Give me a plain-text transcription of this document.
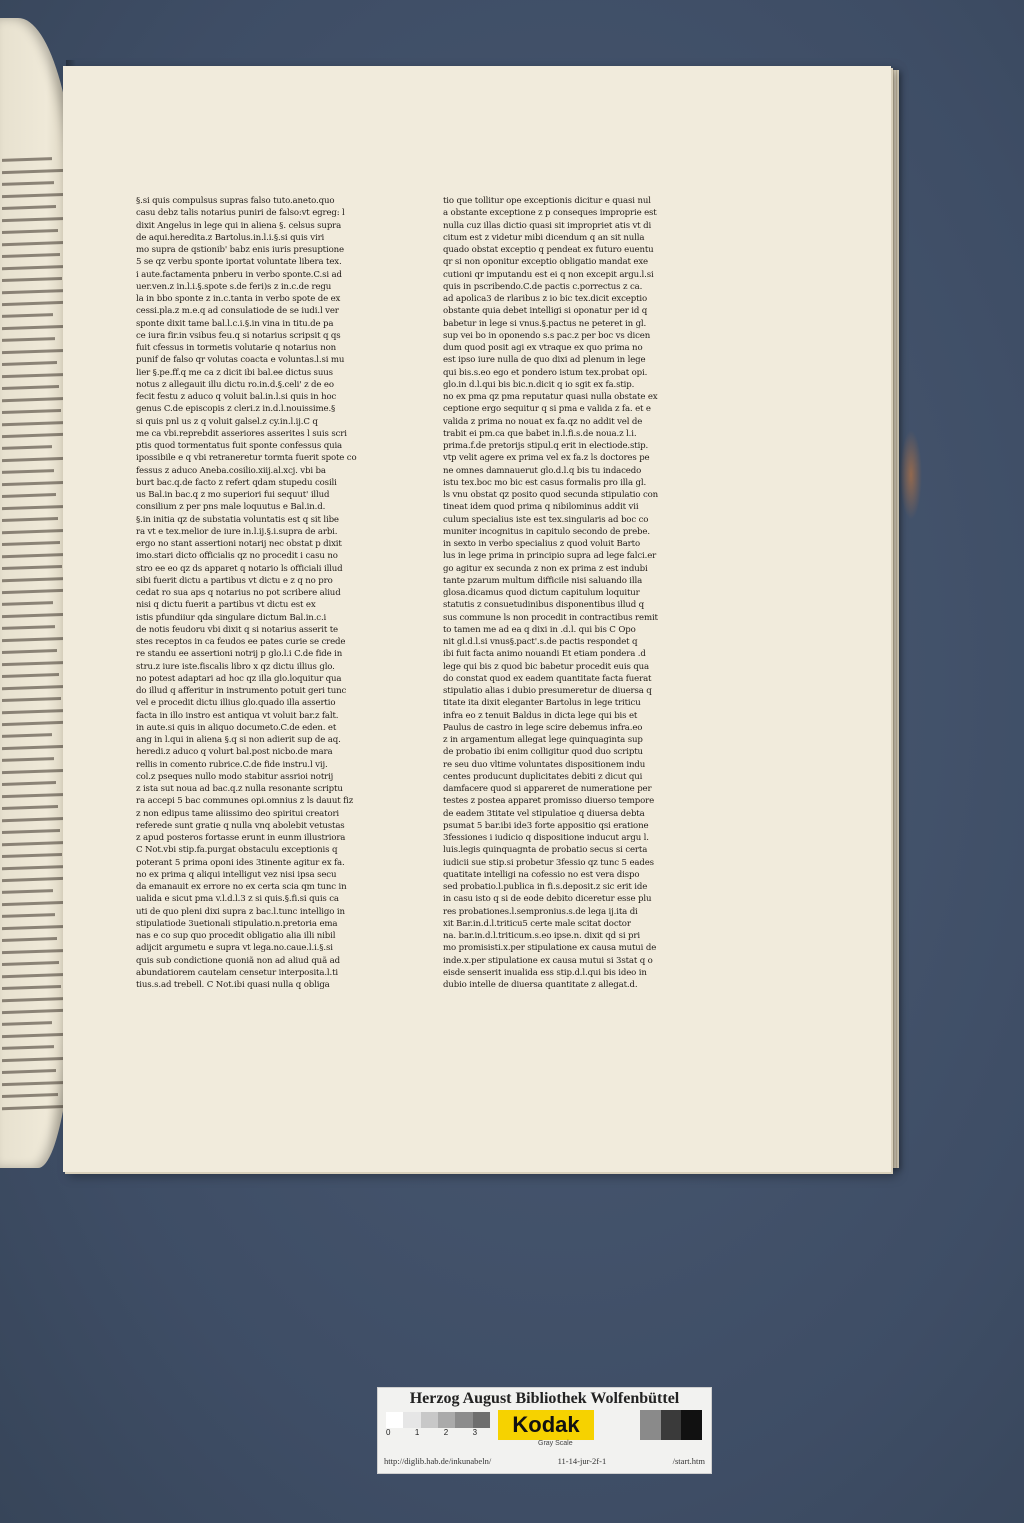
§.si quis compulsus supras falso tuto.aneto.quo
casu debz talis notarius puniri de falso:vt egreg: l
dixit Angelus in lege qui in aliena §. celsus supra
de aqui.heredita.z Bartolus.in.l.i.§.si quis viri
mo supra de qstionib' babz enis iuris presuptione
5 se qz verbu sponte iportat voluntate libera tex.
i aute.factamenta pnberu in verbo sponte.C.si ad
uer.ven.z in.l.i.§.spote s.de feri)s z in.c.de regu
la in bbo sponte z in.c.tanta in verbo spote de ex
cessi.pla.z m.e.q ad consulatiode de se iudi.l ver
sponte dixit tame bal.l.c.i.§.in vina in titu.de pa
ce iura fir.in vsibus feu.q si notarius scripsit q qs
fuit cfessus in tormetis volutarie q notarius non
punif de falso qr volutas coacta e voluntas.l.si mu
lier §.pe.ff.q me ca z dicit ibi bal.ee dictus suus
notus z allegauit illu dictu ro.in.d.§.celi' z de eo
fecit festu z aduco q voluit bal.in.l.si quis in hoc
genus C.de episcopis z cleri.z in.d.l.nouissime.§
si quis pnl us z q voluit galsel.z cy.in.l.ij.C q
me ca vbi.reprebdit asseriores asserites l suis scri
ptis quod tormentatus fuit sponte confessus quia
ipossibile e q vbi retraneretur tormta fuerit spote co
fessus z aduco Aneba.cosilio.xiij.al.xcj. vbi ba
burt bac.q.de facto z refert qdam stupedu cosili
us Bal.in bac.q z mo superiori fui sequut' illud
consilium z per pns male loquutus e Bal.in.d.
§.in initia qz de substatia voluntatis est q sit libe
ra vt e tex.melior de iure in.l.ij.§.i.supra de arbi.
ergo no stant assertioni notarij nec obstat p dixit
imo.stari dicto officialis qz no procedit i casu no
stro ee eo qz ds apparet q notario ls officiali illud
sibi fuerit dictu a partibus vt dictu e z q no pro
cedat ro sua aps q notarius no pot scribere aliud
nisi q dictu fuerit a partibus vt dictu est ex
istis pfundiiur qda singulare dictum Bal.in.c.i
de notis feudoru vbi dixit q si notarius asserit te
stes receptos in ca feudos ee pates curie se crede
re standu ee assertioni notrij p glo.l.i C.de fide in
stru.z iure iste.fiscalis libro x qz dictu illius glo.
no potest adaptari ad hoc qz illa glo.loquitur qua
do illud q afferitur in instrumento potuit geri tunc
vel e procedit dictu illius glo.quado illa assertio
facta in illo instro est antiqua vt voluit bar.z falt.
in aute.si quis in aliquo documeto.C.de eden. et
ang in l.qui in aliena §.q si non adierit sup de aq.
heredi.z aduco q volurt bal.post nicbo.de mara
rellis in comento rubrice.C.de fide instru.l vij.
col.z pseques nullo modo stabitur assrioi notrij
z ista sut noua ad bac.q.z nulla resonante scriptu
ra accepi 5 bac communes opi.omnius z ls dauut fiz
z non edipus tame aliissimo deo spiritui creatori
referede sunt gratie q nulla vnq abolebit vetustas
z apud posteros fortasse erunt in eunm illustriora
C Not.vbi stip.fa.purgat obstaculu exceptionis q
poterant 5 prima oponi ides 3tinente agitur ex fa.
no ex prima q aliqui intelligut vez nisi ipsa secu
da emanauit ex errore no ex certa scia qm tunc in
ualida e sicut pma v.l.d.l.3 z si quis.§.fi.si quis ca
uti de quo pleni dixi supra z bac.l.tunc intelligo in
stipulatiode 3uetionali stipulatio.n.pretoria ema
nas e co sup quo procedit obligatio alia illi nibil
adijcit argumetu e supra vt lega.no.caue.l.i.§.si
quis sub condictione quoniã non ad aliud quã ad
abundatiorem cautelam censetur interposita.l.ti
tius.s.ad trebell. C Not.ibi quasi nulla q obliga
tio que tollitur ope exceptionis dicitur e quasi nul
a obstante exceptione z p conseques improprie est
nulla cuz illas dictio quasi sit impropriet atis vt di
citum est z videtur mibi dicendum q an sit nulla
quado obstat exceptio q pendeat ex futuro euentu
qr si non oponitur exceptio obligatio mandat exe
cutioni qr imputandu est ei q non excepit argu.l.si
quis in pscribendo.C.de pactis c.porrectus z ca.
ad apolica3 de rlaribus z io bic tex.dicit exceptio
obstante quia debet intelligi si oponatur per id q
babetur in lege si vnus.§.pactus ne peteret in gl.
sup vei bo in oponendo s.s pac.z per boc vs dicen
dum quod posit agi ex vtraque ex quo prima no
est ipso iure nulla de quo dixi ad plenum in lege
qui bis.s.eo ego et pondero istum tex.probat opi.
glo.in d.l.qui bis bic.n.dicit q io sgit ex fa.stip.
no ex pma qz pma reputatur quasi nulla obstate ex
ceptione ergo sequitur q si pma e valida z fa. et e
valida z prima no nouat ex fa.qz no addit vel de
trabit ei pm.ca que babet in.l.fi.s.de noua.z l.i.
prima.f.de pretorijs stipul.q erit in electiode.stip.
vtp velit agere ex prima vel ex fa.z ls doctores pe
ne omnes damnauerut glo.d.l.q bis tu indacedo
istu tex.boc mo bic est casus formalis pro illa gl.
ls vnu obstat qz posito quod secunda stipulatio con
tineat idem quod prima q nibilominus addit vii
culum specialius iste est tex.singularis ad boc co
muniter incognitus in capitulo secondo de prebe.
in sexto in verbo specialius z quod voluit Barto
lus in lege prima in principio supra ad lege falci.er
go agitur ex secunda z non ex prima z est indubi
tante pzarum multum difficile nisi saluando illa
glosa.dicamus quod dictum capitulum loquitur
statutis z consuetudinibus disponentibus illud q
sus commune ls non procedit in contractibus remit
to tamen me ad ea q dixi in .d.l. qui bis C Opo
nit gl.d.l.si vnus§.pact'.s.de pactis respondet q
ibi fuit facta animo nouandi Et etiam pondera .d
lege qui bis z quod bic babetur procedit euis qua
do constat quod ex eadem quantitate facta fuerat
stipulatio alias i dubio presumeretur de diuersa q
titate ita dixit eleganter Bartolus in lege triticu
infra eo z tenuit Baldus in dicta lege qui bis et
Paulus de castro in lege scire debemus infra.eo
z in argamentum allegat lege quinquaginta sup
de probatio ibi enim colligitur quod duo scriptu
re seu duo vltime voluntates dispositionem indu
centes producunt duplicitates debiti z dicut qui
damfacere quod si appareret de numeratione per
testes z postea apparet promisso diuerso tempore
de eadem 3titate vel stipulatioe q diuersa debta
psumat 5 bar.ibi ide3 forte appositio qsi eratione
3fessiones i iudicio q dispositione inducut argu l.
luis.legis quinquagnta de probatio secus si certa
iudicii sue stip.si probetur 3fessio qz tunc 5 eades
quatitate intelligi na cofessio no est vera dispo
sed probatio.l.publica in fi.s.deposit.z sic erit ide
in casu isto q si de eode debito diceretur esse plu
res probationes.l.sempronius.s.de lega ij.ita di
xit Bar.in.d.l.triticu5 certe male scitat doctor
na. bar.in.d.l.triticum.s.eo ipse.n. dixit qd si pri
mo promisisti.x.per stipulatione ex causa mutui de
inde.x.per stipulatione ex causa mutui si 3stat q o
eisde senserit inualida ess stip.d.l.qui bis ideo in
dubio intelle de diuersa quantitate z allegat.d.
Herzog August Bibliothek Wolfenbüttel
0	1	2	3 Kodak
Gray Scale
http://diglib.hab.de/inkunabeln/	11-14-jur-2f-1	/start.htm
